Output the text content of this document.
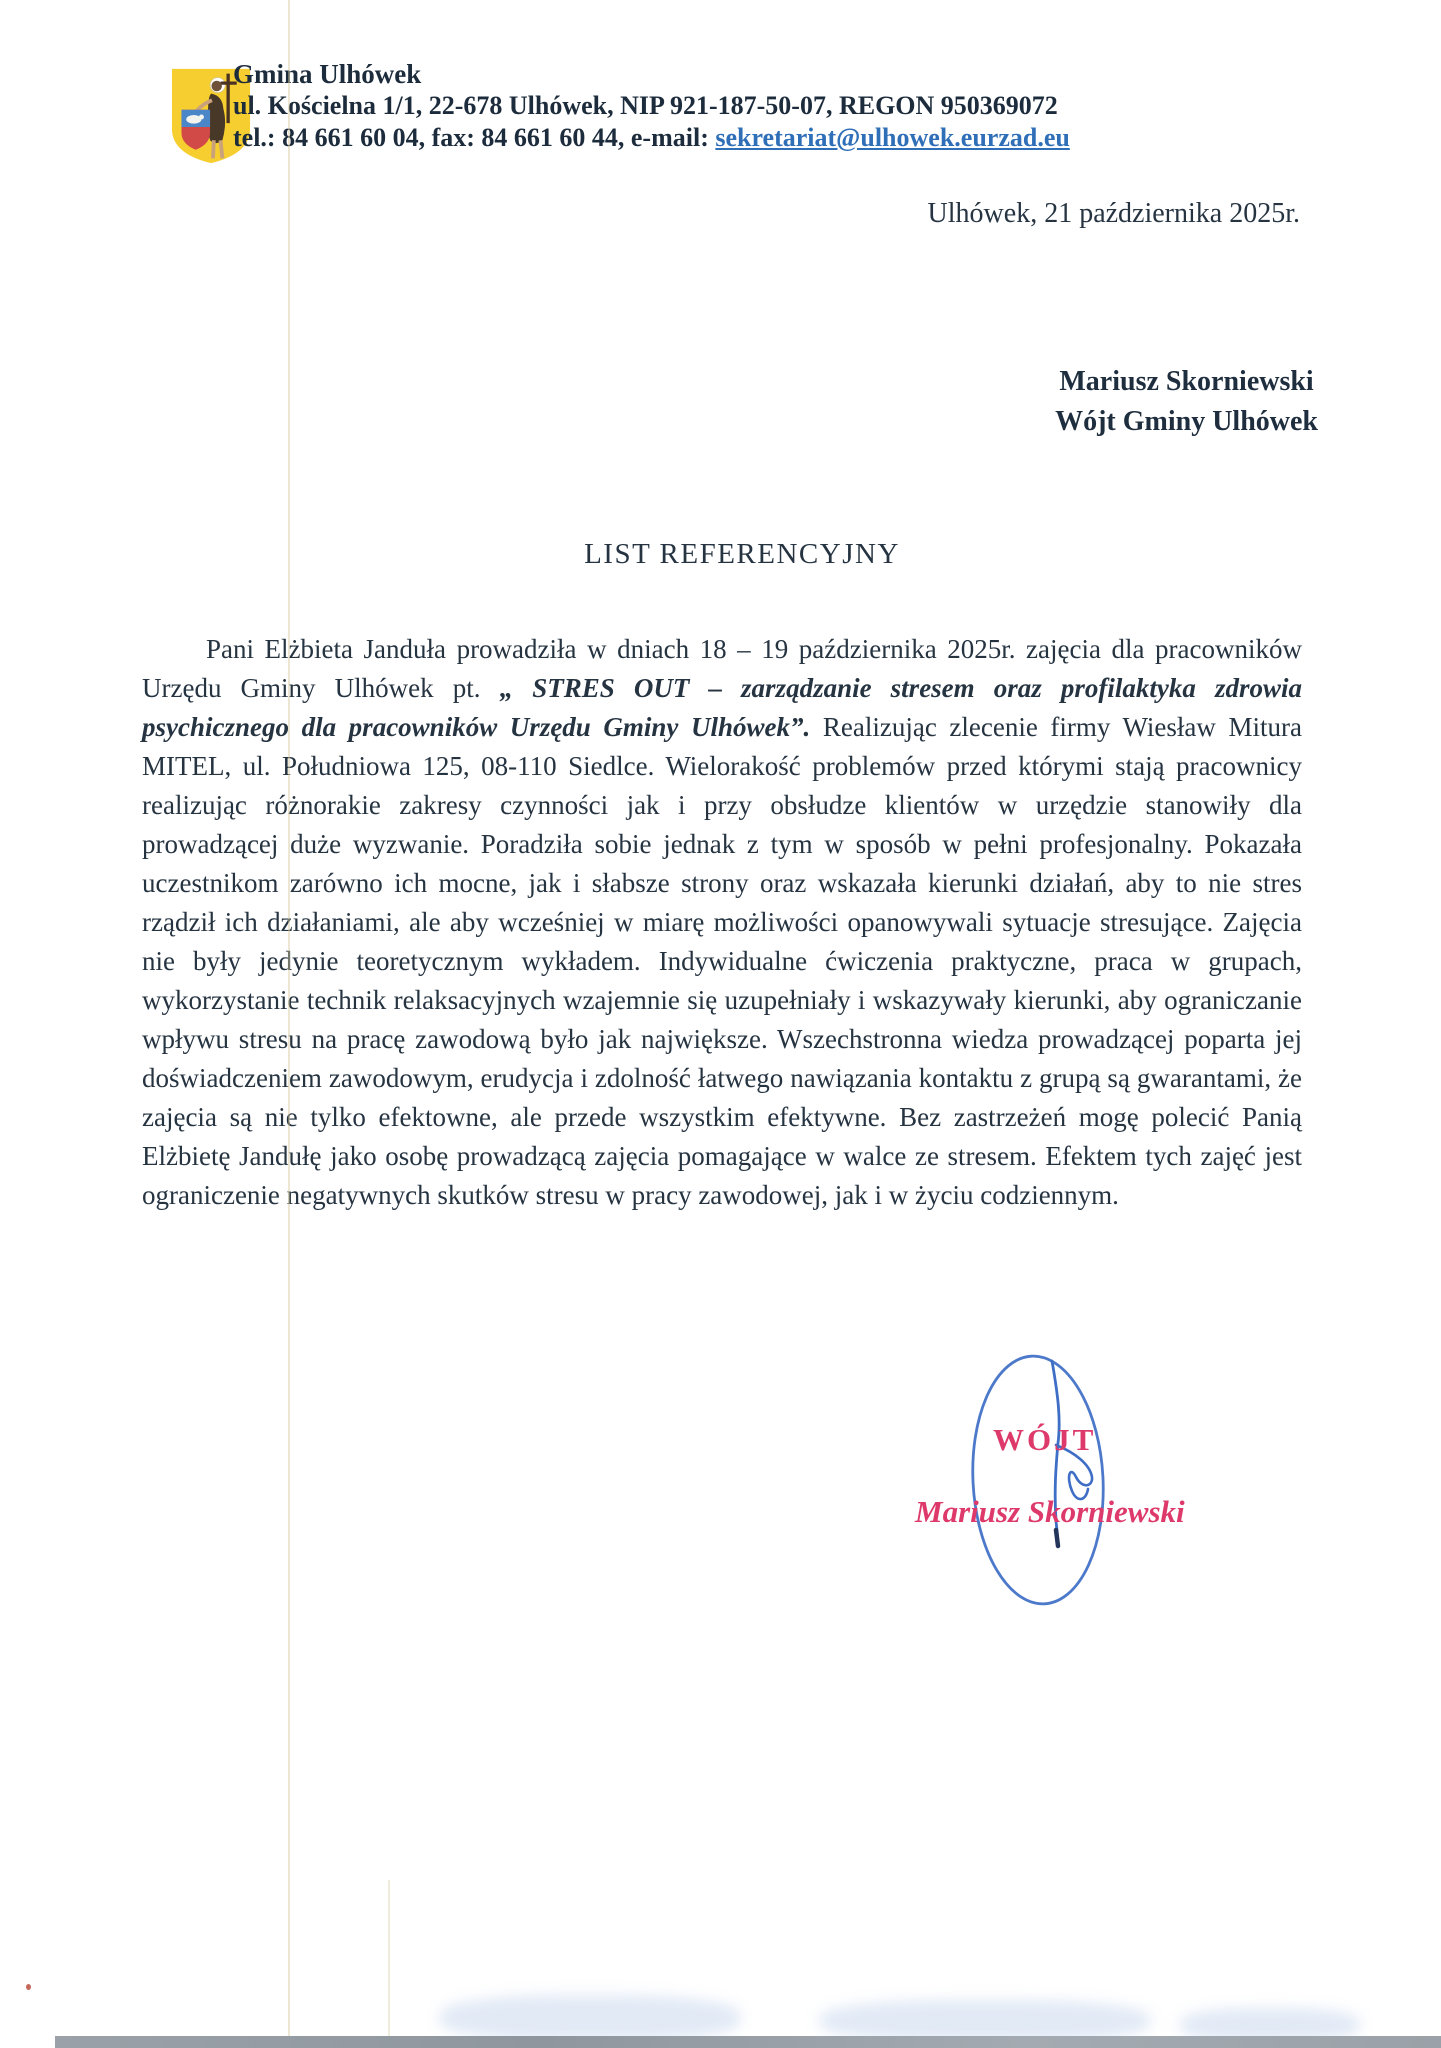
Gmina Ulhówek
ul. Kościelna 1/1, 22-678 Ulhówek, NIP 921-187-50-07, REGON 950369072
tel.: 84 661 60 04, fax: 84 661 60 44, e-mail: sekretariat@ulhowek.eurzad.eu
Ulhówek, 21 października 2025r.
Mariusz Skorniewski
Wójt Gminy Ulhówek
LIST REFERENCYJNY
Pani Elżbieta Janduła prowadziła w dniach 18 – 19 października 2025r. zajęcia dla pracowników Urzędu Gminy Ulhówek pt. „ STRES OUT – zarządzanie stresem oraz profilaktyka zdrowia psychicznego dla pracowników Urzędu Gminy Ulhówek”. Realizując zlecenie firmy Wiesław Mitura MITEL, ul. Południowa 125, 08-110 Siedlce. Wielorakość problemów przed którymi stają pracownicy realizując różnorakie zakresy czynności jak i przy obsłudze klientów w urzędzie stanowiły dla prowadzącej duże wyzwanie. Poradziła sobie jednak z tym w sposób w pełni profesjonalny. Pokazała uczestnikom zarówno ich mocne, jak i słabsze strony oraz wskazała kierunki działań, aby to nie stres rządził ich działaniami, ale aby wcześniej w miarę możliwości opanowywali sytuacje stresujące. Zajęcia nie były jedynie teoretycznym wykładem. Indywidualne ćwiczenia praktyczne, praca w grupach, wykorzystanie technik relaksacyjnych wzajemnie się uzupełniały i wskazywały kierunki, aby ograniczanie wpływu stresu na pracę zawodową było jak największe. Wszechstronna wiedza prowadzącej poparta jej doświadczeniem zawodowym, erudycja i zdolność łatwego nawiązania kontaktu z grupą są gwarantami, że zajęcia są nie tylko efektowne, ale przede wszystkim efektywne. Bez zastrzeżeń mogę polecić Panią Elżbietę Jandułę jako osobę prowadzącą zajęcia pomagające w walce ze stresem. Efektem tych zajęć jest ograniczenie negatywnych skutków stresu w pracy zawodowej, jak i w życiu codziennym.
WÓJT
Mariusz Skorniewski
